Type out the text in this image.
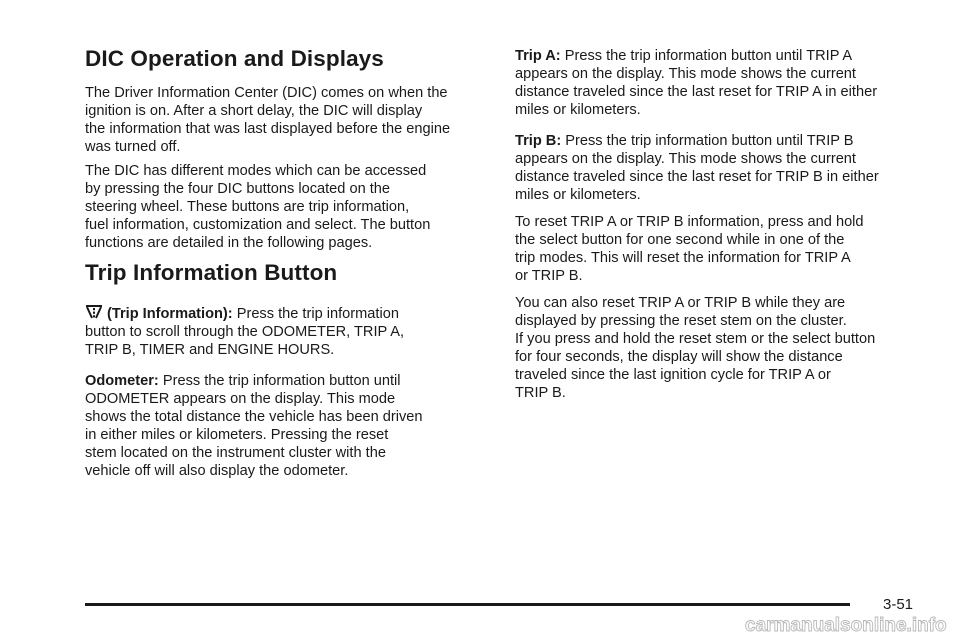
DIC Operation and Displays

The Driver Information Center (DIC) comes on when the
ignition is on. After a short delay, the DIC will display
the information that was last displayed before the engine
was turned off.

The DIC has different modes which can be accessed
by pressing the four DIC buttons located on the
steering wheel. These buttons are trip information,
fuel information, customization and select. The button
functions are detailed in the following pages.

Trip Information Button
(Trip Information): Press the trip information
button to scroll through the ODOMETER, TRIP A,
TRIP B, TIMER and ENGINE HOURS.
Odometer: Press the trip information button until
ODOMETER appears on the display. This mode
shows the total distance the vehicle has been driven
in either miles or kilometers. Pressing the reset
stem located on the instrument cluster with the
vehicle off will also display the odometer.
Trip A: Press the trip information button until TRIP A
appears on the display. This mode shows the current
distance traveled since the last reset for TRIP A in either
miles or kilometers.
Trip B: Press the trip information button until TRIP B
appears on the display. This mode shows the current
distance traveled since the last reset for TRIP B in either
miles or kilometers.

To reset TRIP A or TRIP B information, press and hold
the select button for one second while in one of the
trip modes. This will reset the information for TRIP A
or TRIP B.

You can also reset TRIP A or TRIP B while they are
displayed by pressing the reset stem on the cluster.
If you press and hold the reset stem or the select button
for four seconds, the display will show the distance
traveled since the last ignition cycle for TRIP A or
TRIP B.

3-51
carmanualsonline.info
